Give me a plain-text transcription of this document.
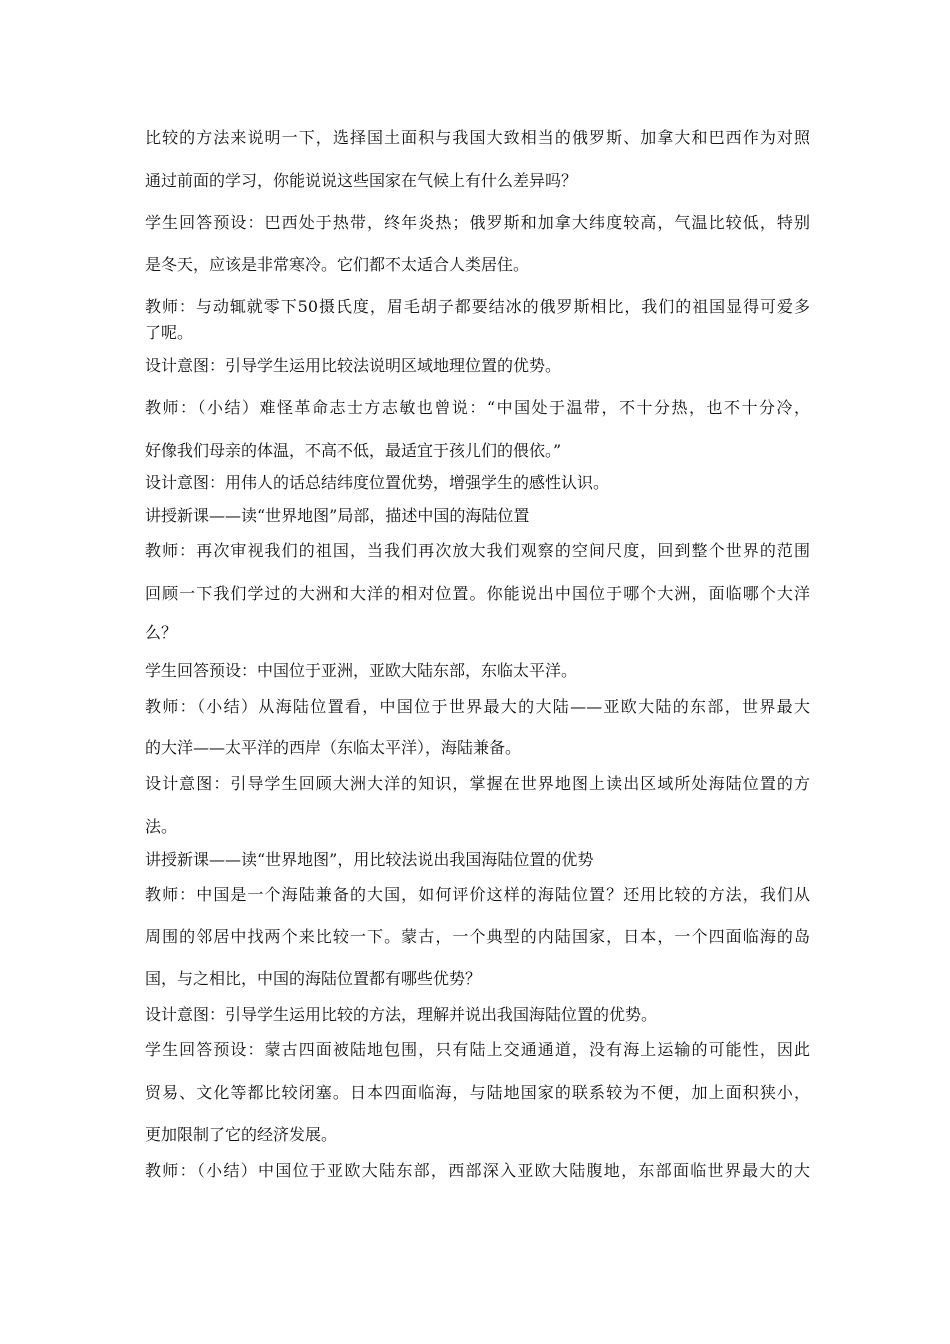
比较的方法来说明一下，选择国土面积与我国大致相当的俄罗斯、加拿大和巴西作为对照
通过前面的学习，你能说说这些国家在气候上有什么差异吗？
学生回答预设：巴西处于热带，终年炎热；俄罗斯和加拿大纬度较高，气温比较低，特别
是冬天，应该是非常寒冷。它们都不太适合人类居住。
教师：与动辄就零下50摄氏度，眉毛胡子都要结冰的俄罗斯相比，我们的祖国显得可爱多
了呢。
设计意图：引导学生运用比较法说明区域地理位置的优势。
教师：（小结）难怪革命志士方志敏也曾说：“中国处于温带，不十分热，也不十分冷，
好像我们母亲的体温，不高不低，最适宜于孩儿们的偎依。”
设计意图：用伟人的话总结纬度位置优势，增强学生的感性认识。
讲授新课——读“世界地图”局部，描述中国的海陆位置
教师：再次审视我们的祖国，当我们再次放大我们观察的空间尺度，回到整个世界的范围
回顾一下我们学过的大洲和大洋的相对位置。你能说出中国位于哪个大洲，面临哪个大洋
么？
学生回答预设：中国位于亚洲，亚欧大陆东部，东临太平洋。
教师：（小结）从海陆位置看，中国位于世界最大的大陆——亚欧大陆的东部，世界最大
的大洋——太平洋的西岸（东临太平洋），海陆兼备。
设计意图：引导学生回顾大洲大洋的知识，掌握在世界地图上读出区域所处海陆位置的方
法。
讲授新课——读“世界地图”，用比较法说出我国海陆位置的优势
教师：中国是一个海陆兼备的大国，如何评价这样的海陆位置？还用比较的方法，我们从
周围的邻居中找两个来比较一下。蒙古，一个典型的内陆国家，日本，一个四面临海的岛
国，与之相比，中国的海陆位置都有哪些优势？
设计意图：引导学生运用比较的方法，理解并说出我国海陆位置的优势。
学生回答预设：蒙古四面被陆地包围，只有陆上交通通道，没有海上运输的可能性，因此
贸易、文化等都比较闭塞。日本四面临海，与陆地国家的联系较为不便，加上面积狭小，
更加限制了它的经济发展。
教师：（小结）中国位于亚欧大陆东部，西部深入亚欧大陆腹地，东部面临世界最大的大
